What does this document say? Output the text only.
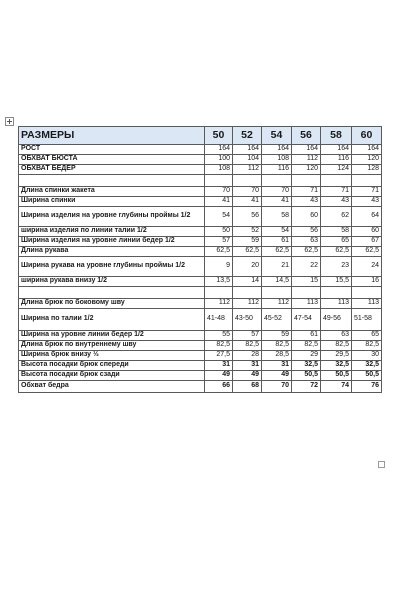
РАЗМЕРЫ	50	52	54	56	58	60
РОСТ	164	164	164	164	164	164
ОБХВАТ БЮСТА	100	104	108	112	116	120
ОБХВАТ БЕДЕР	108	112	116	120	124	128

Длина спинки жакета	70	70	70	71	71	71
Ширина спинки	41	41	41	43	43	43
Ширина изделия на уровне глубины проймы 1/2	54	56	58	60	62	64
ширина изделия по линии талии 1/2	50	52	54	56	58	60
Ширина изделия на уровне линии бедер 1/2	57	59	61	63	65	67
Длина рукава	62,5	62,5	62,5	62,5	62,5	62,5
Ширина рукава на уровне глубины проймы 1/2	9	20	21	22	23	24
ширина рукава внизу 1/2	13,5	14	14,5	15	15,5	16

Длина брюк по боковому шву	112	112	112	113	113	113
Ширина по талии 1/2	41-48	43-50	45-52	47-54	49-56	51-58
Ширина на уровне линии бедер 1/2	55	57	59	61	63	65
Длина брюк по внутреннему шву	82,5	82,5	82,5	82,5	82,5	82,5
Ширина брюк внизу ½	27,5	28	28,5	29	29,5	30
Высота посадки брюк спереди	31	31	31	32,5	32,5	32,5
Высота посадки брюк сзади	49	49	49	50,5	50,5	50,5
Обхват бедра	66	68	70	72	74	76
